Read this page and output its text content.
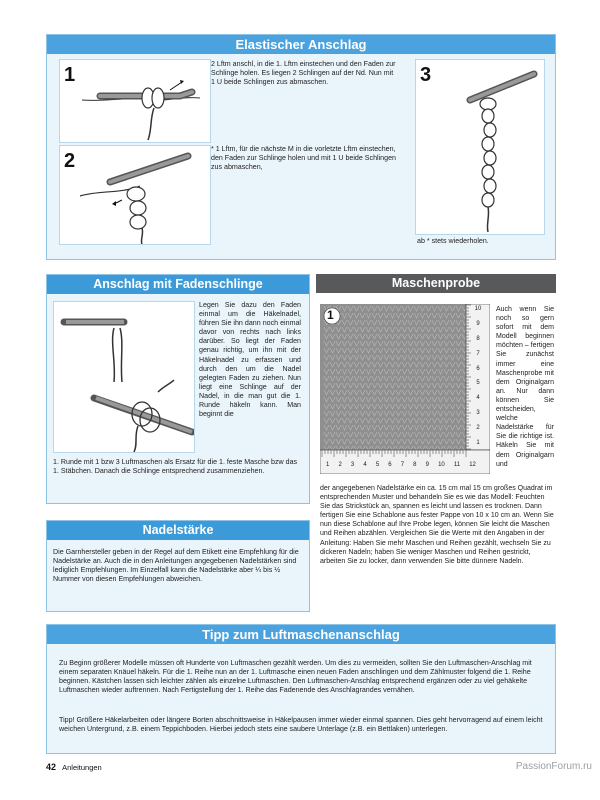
Elastischer Anschlag
1
2
2 Lftm anschl, in die 1. Lftm einstechen und den Faden zur Schlinge holen. Es liegen 2 Schlingen auf der Nd. Nun mit 1 U beide Schlingen zus abmaschen.
* 1 Lftm, für die nächste M in die vorletzte Lftm einstechen, den Faden zur Schlinge holen und mit 1 U beide Schlingen zus abmaschen,
3
ab * stets wiederholen.
Anschlag mit Fadenschlinge
Legen Sie dazu den Faden einmal um die Häkelnadel, führen Sie ihn dann noch einmal davor von rechts nach links darüber. So liegt der Faden genau richtig, um ihn mit der Häkelnadel zu erfassen und durch den um die Nadel gelegten Faden zu ziehen. Nun liegt eine Schlinge auf der Nadel, in die man gut die 1. Runde häkeln kann. Man beginnt die
1. Runde mit 1 bzw 3 Luftmaschen als Ersatz für die 1. feste Masche bzw das 1. Stäbchen. Danach die Schlinge entsprechend zusammenziehen.
Nadelstärke
Die Garnhersteller geben in der Regel auf dem Etikett eine Empfehlung für die Nadelstärke an. Auch die in den Anleitungen angegebenen Nadelstärken sind lediglich Empfehlungen. Im Einzelfall kann die Nadelstärke aber ¼ bis ½ Nummer von diesen Empfehlungen abweichen.
Maschenprobe
1
1 2 3 4 5 6 7 8 9 10 11 12
10
9
8
7
6
5
4
3
2
1
Auch wenn Sie noch so gern sofort mit dem Modell beginnen möchten – fertigen Sie zunächst immer eine Maschenprobe mit dem Originalgarn an. Nur dann können Sie entscheiden, welche Nadelstärke für Sie die richtige ist. Häkeln Sie mit dem Originalgarn und
der angegebenen Nadelstärke ein ca. 15 cm mal 15 cm großes Quadrat im entsprechenden Muster und behandeln Sie es wie das Modell: Feuchten Sie das Strickstück an, spannen es leicht und lassen es trocknen. Dann fertigen Sie eine Schablone aus fester Pappe von 10 x 10 cm an. Wenn Sie nun diese Schablone auf Ihre Probe legen, können Sie leicht die Maschen und Reihen abzählen. Vergleichen Sie die Werte mit den Angaben in der Anleitung: Haben Sie mehr Maschen und Reihen gezählt, wechseln Sie zu dickeren Nadeln; haben Sie weniger Maschen und Reihen gestrickt, arbeiten Sie zu locker, dann verwenden Sie bitte dünnere Nadeln.
Tipp zum Luftmaschenanschlag
Zu Beginn größerer Modelle müssen oft Hunderte von Luftmaschen gezählt werden. Um dies zu vermeiden, sollten Sie den Luftmaschen-Anschlag mit einem separaten Knäuel häkeln. Für die 1. Reihe nun an der 1. Luftmasche einen neuen Faden anschlingen und dem Zählmuster folgend die 1. Reihe beginnen. Kästchen lassen sich leichter zählen als einzelne Luftmaschen. Den Luftmaschen-Anschlag entsprechend ergänzen oder zu viel gehäkelte Luftmaschen wieder auftrennen. Nach Fertigstellung der 1. Reihe das Fadenende des Anschlagrandes vernähen.
Tipp! Größere Häkelarbeiten oder längere Borten abschnittsweise in Häkelpausen immer wieder einmal spannen. Dies geht hervorragend auf einem leicht weichen Untergrund, z.B. einem Teppichboden. Hierbei jedoch stets eine saubere Unterlage (z.B. ein Bettlaken) unterlegen.
42 Anleitungen	PassionForum.ru
